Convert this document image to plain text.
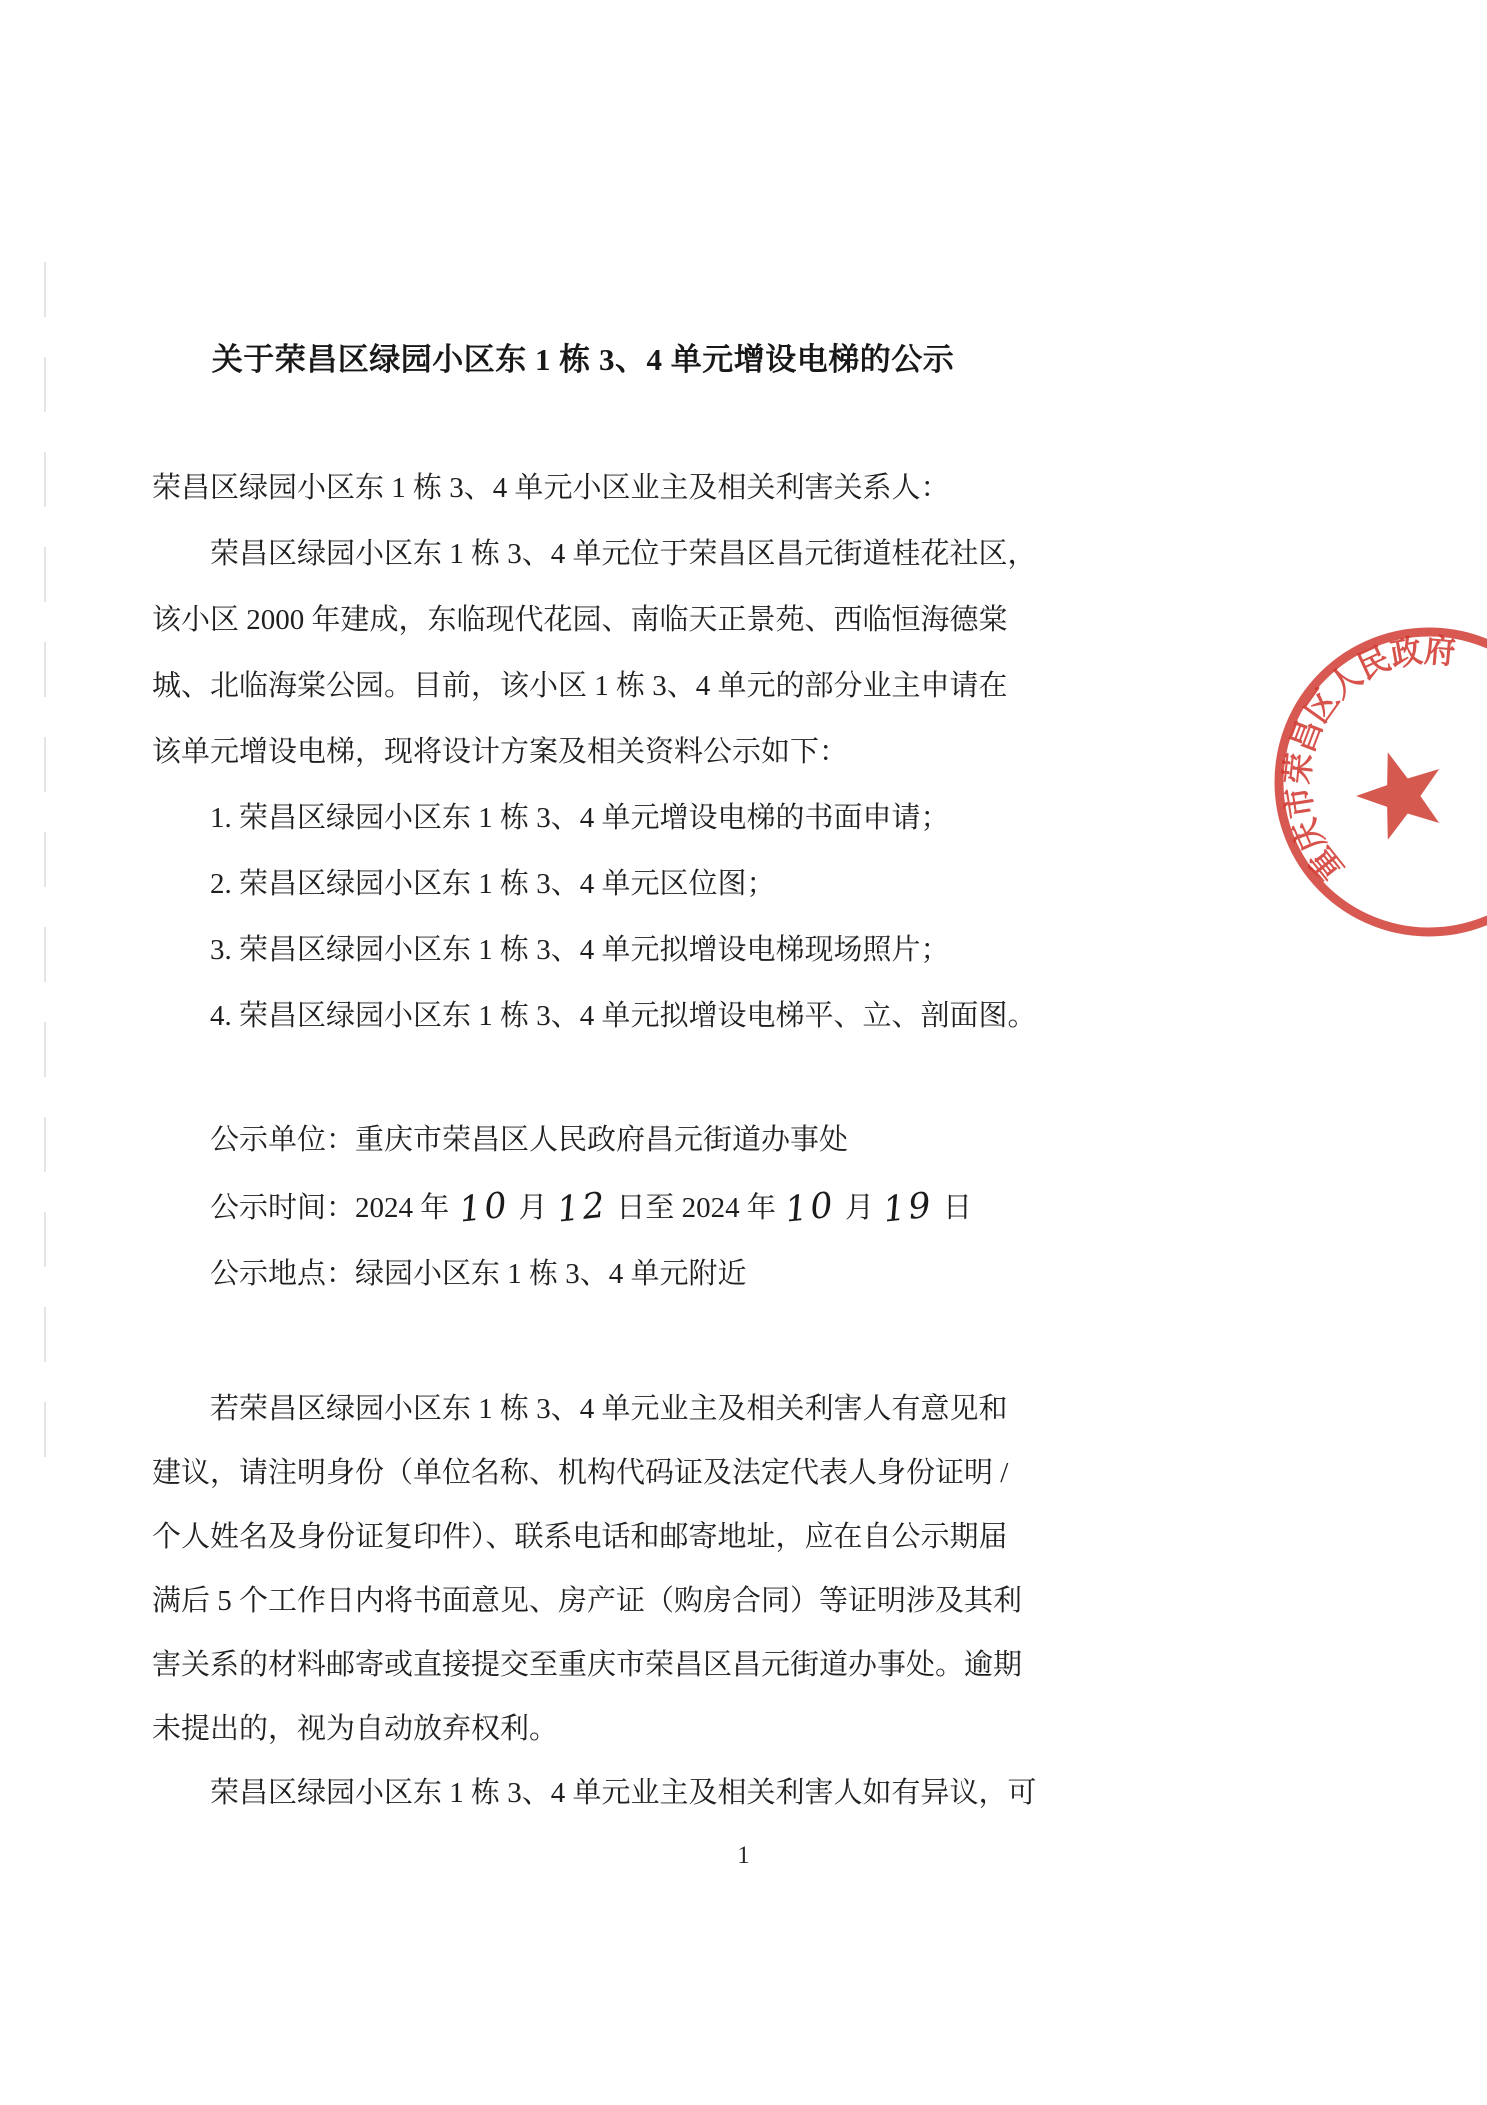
关于荣昌区绿园小区东 1 栋 3、4 单元增设电梯的公示
荣昌区绿园小区东 1 栋 3、4 单元小区业主及相关利害关系人：
　　荣昌区绿园小区东 1 栋 3、4 单元位于荣昌区昌元街道桂花社区，
该小区 2000 年建成，东临现代花园、南临天正景苑、西临恒海德棠
城、北临海棠公园。目前，该小区 1 栋 3、4 单元的部分业主申请在
该单元增设电梯，现将设计方案及相关资料公示如下：
　　1. 荣昌区绿园小区东 1 栋 3、4 单元增设电梯的书面申请；
　　2. 荣昌区绿园小区东 1 栋 3、4 单元区位图；
　　3. 荣昌区绿园小区东 1 栋 3、4 单元拟增设电梯现场照片；
　　4. 荣昌区绿园小区东 1 栋 3、4 单元拟增设电梯平、立、剖面图。
　　公示单位：重庆市荣昌区人民政府昌元街道办事处
　　公示时间：2024 年 10 月 12 日至 2024 年 10 月 19 日
　　公示地点：绿园小区东 1 栋 3、4 单元附近
　　若荣昌区绿园小区东 1 栋 3、4 单元业主及相关利害人有意见和
建议，请注明身份（单位名称、机构代码证及法定代表人身份证明 /
个人姓名及身份证复印件）、联系电话和邮寄地址，应在自公示期届
满后 5 个工作日内将书面意见、房产证（购房合同）等证明涉及其利
害关系的材料邮寄或直接提交至重庆市荣昌区昌元街道办事处。逾期
未提出的，视为自动放弃权利。
　　荣昌区绿园小区东 1 栋 3、4 单元业主及相关利害人如有异议，可
1
重庆市荣昌区人民政府
